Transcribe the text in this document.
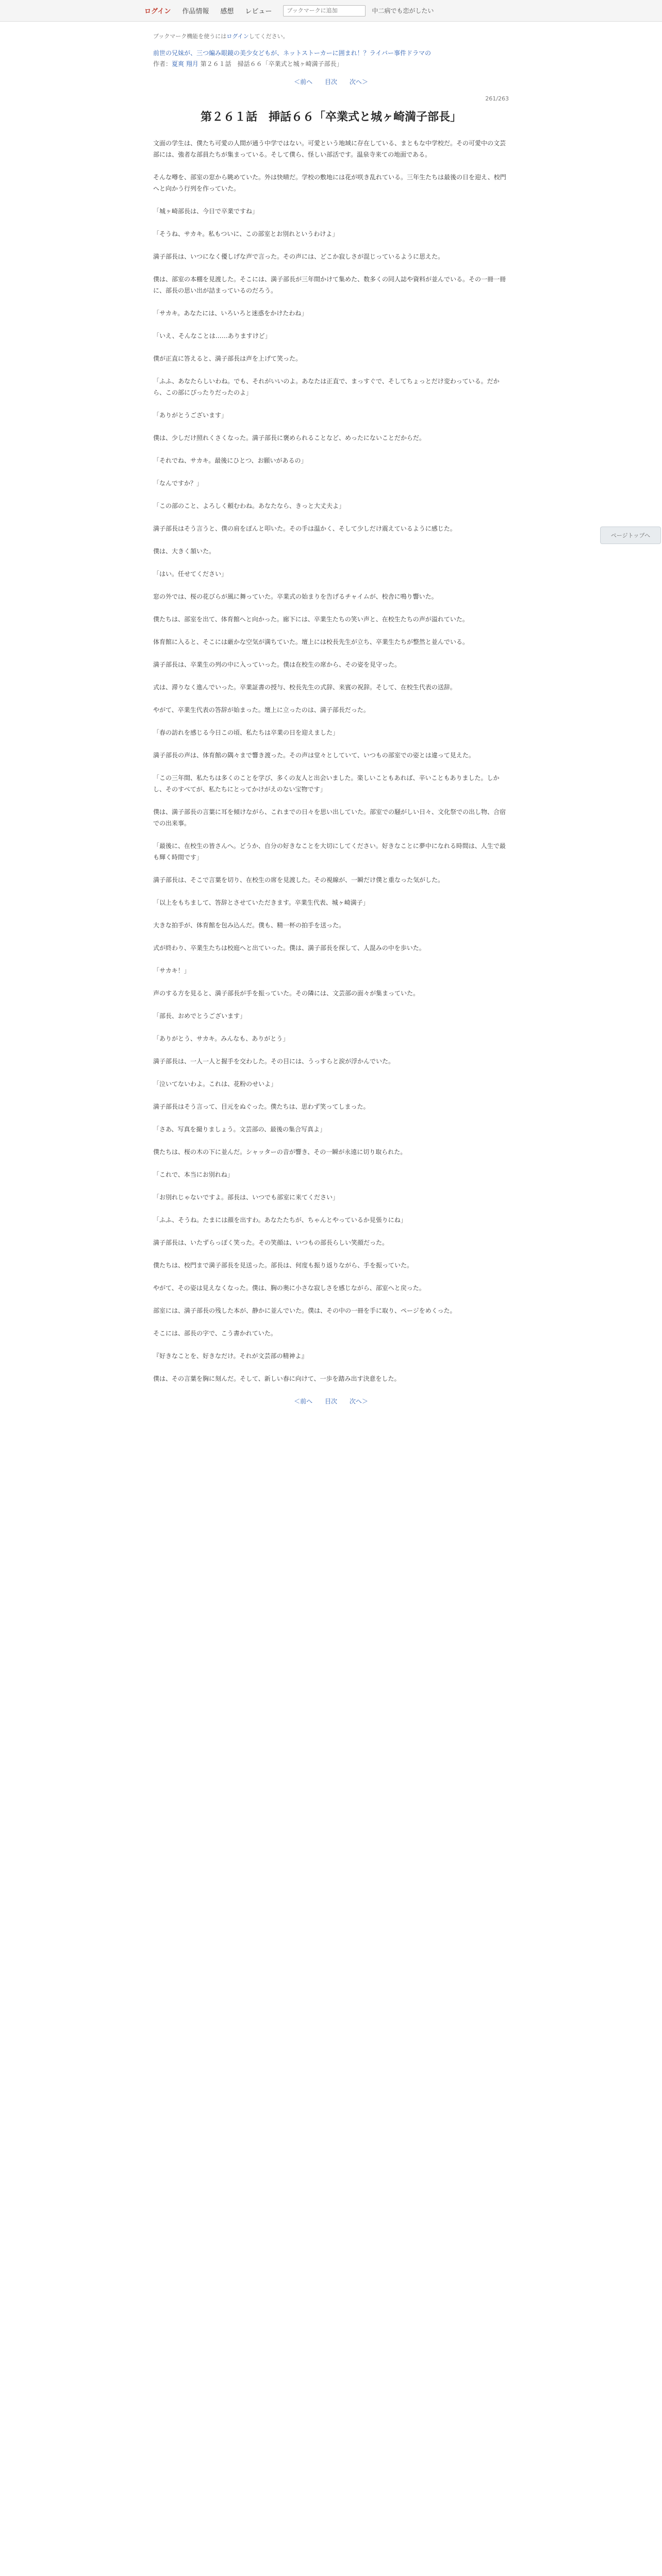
ログイン 作品情報 感想 レビュー
ブックマークに追加	中二病でも恋がしたい
ブックマーク機能を使うにはログインしてください。
前世の兄妹が、三つ編み眼鏡の美少女どもが、ネットストーカーに囲まれ！？ライバー事件ドラマの
作者：夏爽 翔月 第２６１話　掃話６６「卒業式と城ヶ崎満子部長」
＜前へ 目次 次へ＞
261/263
第２６１話　挿話６６「卒業式と城ヶ崎満子部長」

文面の学生は、僕たち可愛の人間が通う中学ではない。可愛という地域に存在している、まともな中学校だ。その可愛中の文芸部には、強者な部員たちが集まっている。そして僕ら、怪しい部活です。温泉寺来ての地面である。

そんな噂を、部室の窓から眺めていた。外は快晴だ。学校の敷地には花が咲き乱れている。三年生たちは最後の日を迎え、校門へと向かう行列を作っていた。

「城ヶ崎部長は、今日で卒業ですね」

「そうね、サカキ。私もついに、この部室とお別れというわけよ」

満子部長は、いつになく優しげな声で言った。その声には、どこか寂しさが混じっているように思えた。

僕は、部室の本棚を見渡した。そこには、満子部長が三年間かけて集めた、数多くの同人誌や資料が並んでいる。その一冊一冊に、部長の思い出が詰まっているのだろう。

「サカキ。あなたには、いろいろと迷惑をかけたわね」

「いえ、そんなことは……ありますけど」

僕が正直に答えると、満子部長は声を上げて笑った。

「ふふ、あなたらしいわね。でも、それがいいのよ。あなたは正直で、まっすぐで、そしてちょっとだけ変わっている。だから、この部にぴったりだったのよ」

「ありがとうございます」

僕は、少しだけ照れくさくなった。満子部長に褒められることなど、めったにないことだからだ。

「それでね、サカキ。最後にひとつ、お願いがあるの」

「なんですか？」

「この部のこと、よろしく頼むわね。あなたなら、きっと大丈夫よ」

満子部長はそう言うと、僕の肩をぽんと叩いた。その手は温かく、そして少しだけ震えているように感じた。

僕は、大きく頷いた。

「はい。任せてください」

窓の外では、桜の花びらが風に舞っていた。卒業式の始まりを告げるチャイムが、校舎に鳴り響いた。

僕たちは、部室を出て、体育館へと向かった。廊下には、卒業生たちの笑い声と、在校生たちの声が溢れていた。

体育館に入ると、そこには厳かな空気が満ちていた。壇上には校長先生が立ち、卒業生たちが整然と並んでいる。

満子部長は、卒業生の列の中に入っていった。僕は在校生の席から、その姿を見守った。

式は、滞りなく進んでいった。卒業証書の授与、校長先生の式辞、来賓の祝辞。そして、在校生代表の送辞。

やがて、卒業生代表の答辞が始まった。壇上に立ったのは、満子部長だった。

「春の訪れを感じる今日この頃、私たちは卒業の日を迎えました」

満子部長の声は、体育館の隅々まで響き渡った。その声は堂々としていて、いつもの部室での姿とは違って見えた。

「この三年間、私たちは多くのことを学び、多くの友人と出会いました。楽しいこともあれば、辛いこともありました。しかし、そのすべてが、私たちにとってかけがえのない宝物です」

僕は、満子部長の言葉に耳を傾けながら、これまでの日々を思い出していた。部室での騒がしい日々、文化祭での出し物、合宿での出来事。

「最後に、在校生の皆さんへ。どうか、自分の好きなことを大切にしてください。好きなことに夢中になれる時間は、人生で最も輝く時間です」

満子部長は、そこで言葉を切り、在校生の席を見渡した。その視線が、一瞬だけ僕と重なった気がした。

「以上をもちまして、答辞とさせていただきます。卒業生代表、城ヶ崎満子」

大きな拍手が、体育館を包み込んだ。僕も、精一杯の拍手を送った。

式が終わり、卒業生たちは校庭へと出ていった。僕は、満子部長を探して、人混みの中を歩いた。

「サカキ！」

声のする方を見ると、満子部長が手を振っていた。その隣には、文芸部の面々が集まっていた。

「部長、おめでとうございます」

「ありがとう、サカキ。みんなも、ありがとう」

満子部長は、一人一人と握手を交わした。その目には、うっすらと涙が浮かんでいた。

「泣いてないわよ。これは、花粉のせいよ」

満子部長はそう言って、目元をぬぐった。僕たちは、思わず笑ってしまった。

「さあ、写真を撮りましょう。文芸部の、最後の集合写真よ」

僕たちは、桜の木の下に並んだ。シャッターの音が響き、その一瞬が永遠に切り取られた。

「これで、本当にお別れね」

「お別れじゃないですよ。部長は、いつでも部室に来てください」

「ふふ、そうね。たまには顔を出すわ。あなたたちが、ちゃんとやっているか見張りにね」

満子部長は、いたずらっぽく笑った。その笑顔は、いつもの部長らしい笑顔だった。

僕たちは、校門まで満子部長を見送った。部長は、何度も振り返りながら、手を振っていた。

やがて、その姿は見えなくなった。僕は、胸の奥に小さな寂しさを感じながら、部室へと戻った。

部室には、満子部長の残した本が、静かに並んでいた。僕は、その中の一冊を手に取り、ページをめくった。

そこには、部長の字で、こう書かれていた。

『好きなことを、好きなだけ。それが文芸部の精神よ』

僕は、その言葉を胸に刻んだ。そして、新しい春に向けて、一歩を踏み出す決意をした。

＜前へ 目次 次へ＞
ページトップへ
